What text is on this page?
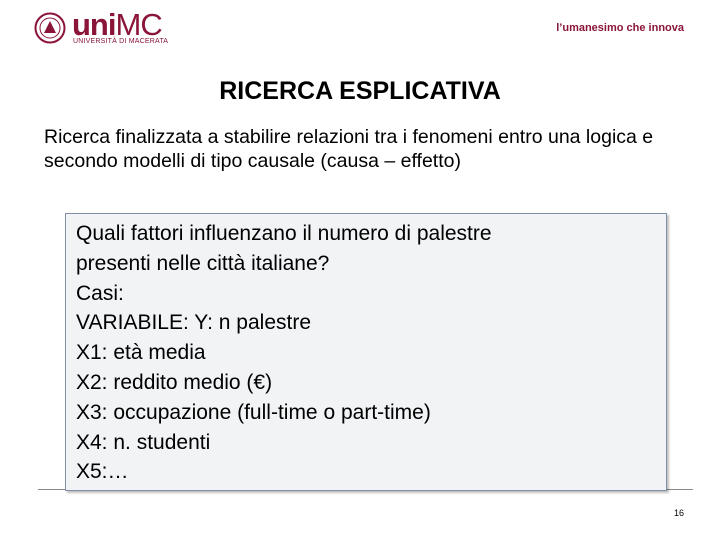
uniMC
UNIVERSITÀ DI MACERATA
l’umanesimo che innova
RICERCA ESPLICATIVA
Ricerca finalizzata a stabilire relazioni tra i fenomeni entro una logica e secondo modelli di tipo causale (causa – effetto)
Quali fattori influenzano il numero di palestre
presenti nelle città italiane?
Casi:
VARIABILE: Y: n palestre
X1: età media
X2: reddito medio (€)
X3: occupazione (full-time o part-time)
X4: n. studenti
X5:…
16
